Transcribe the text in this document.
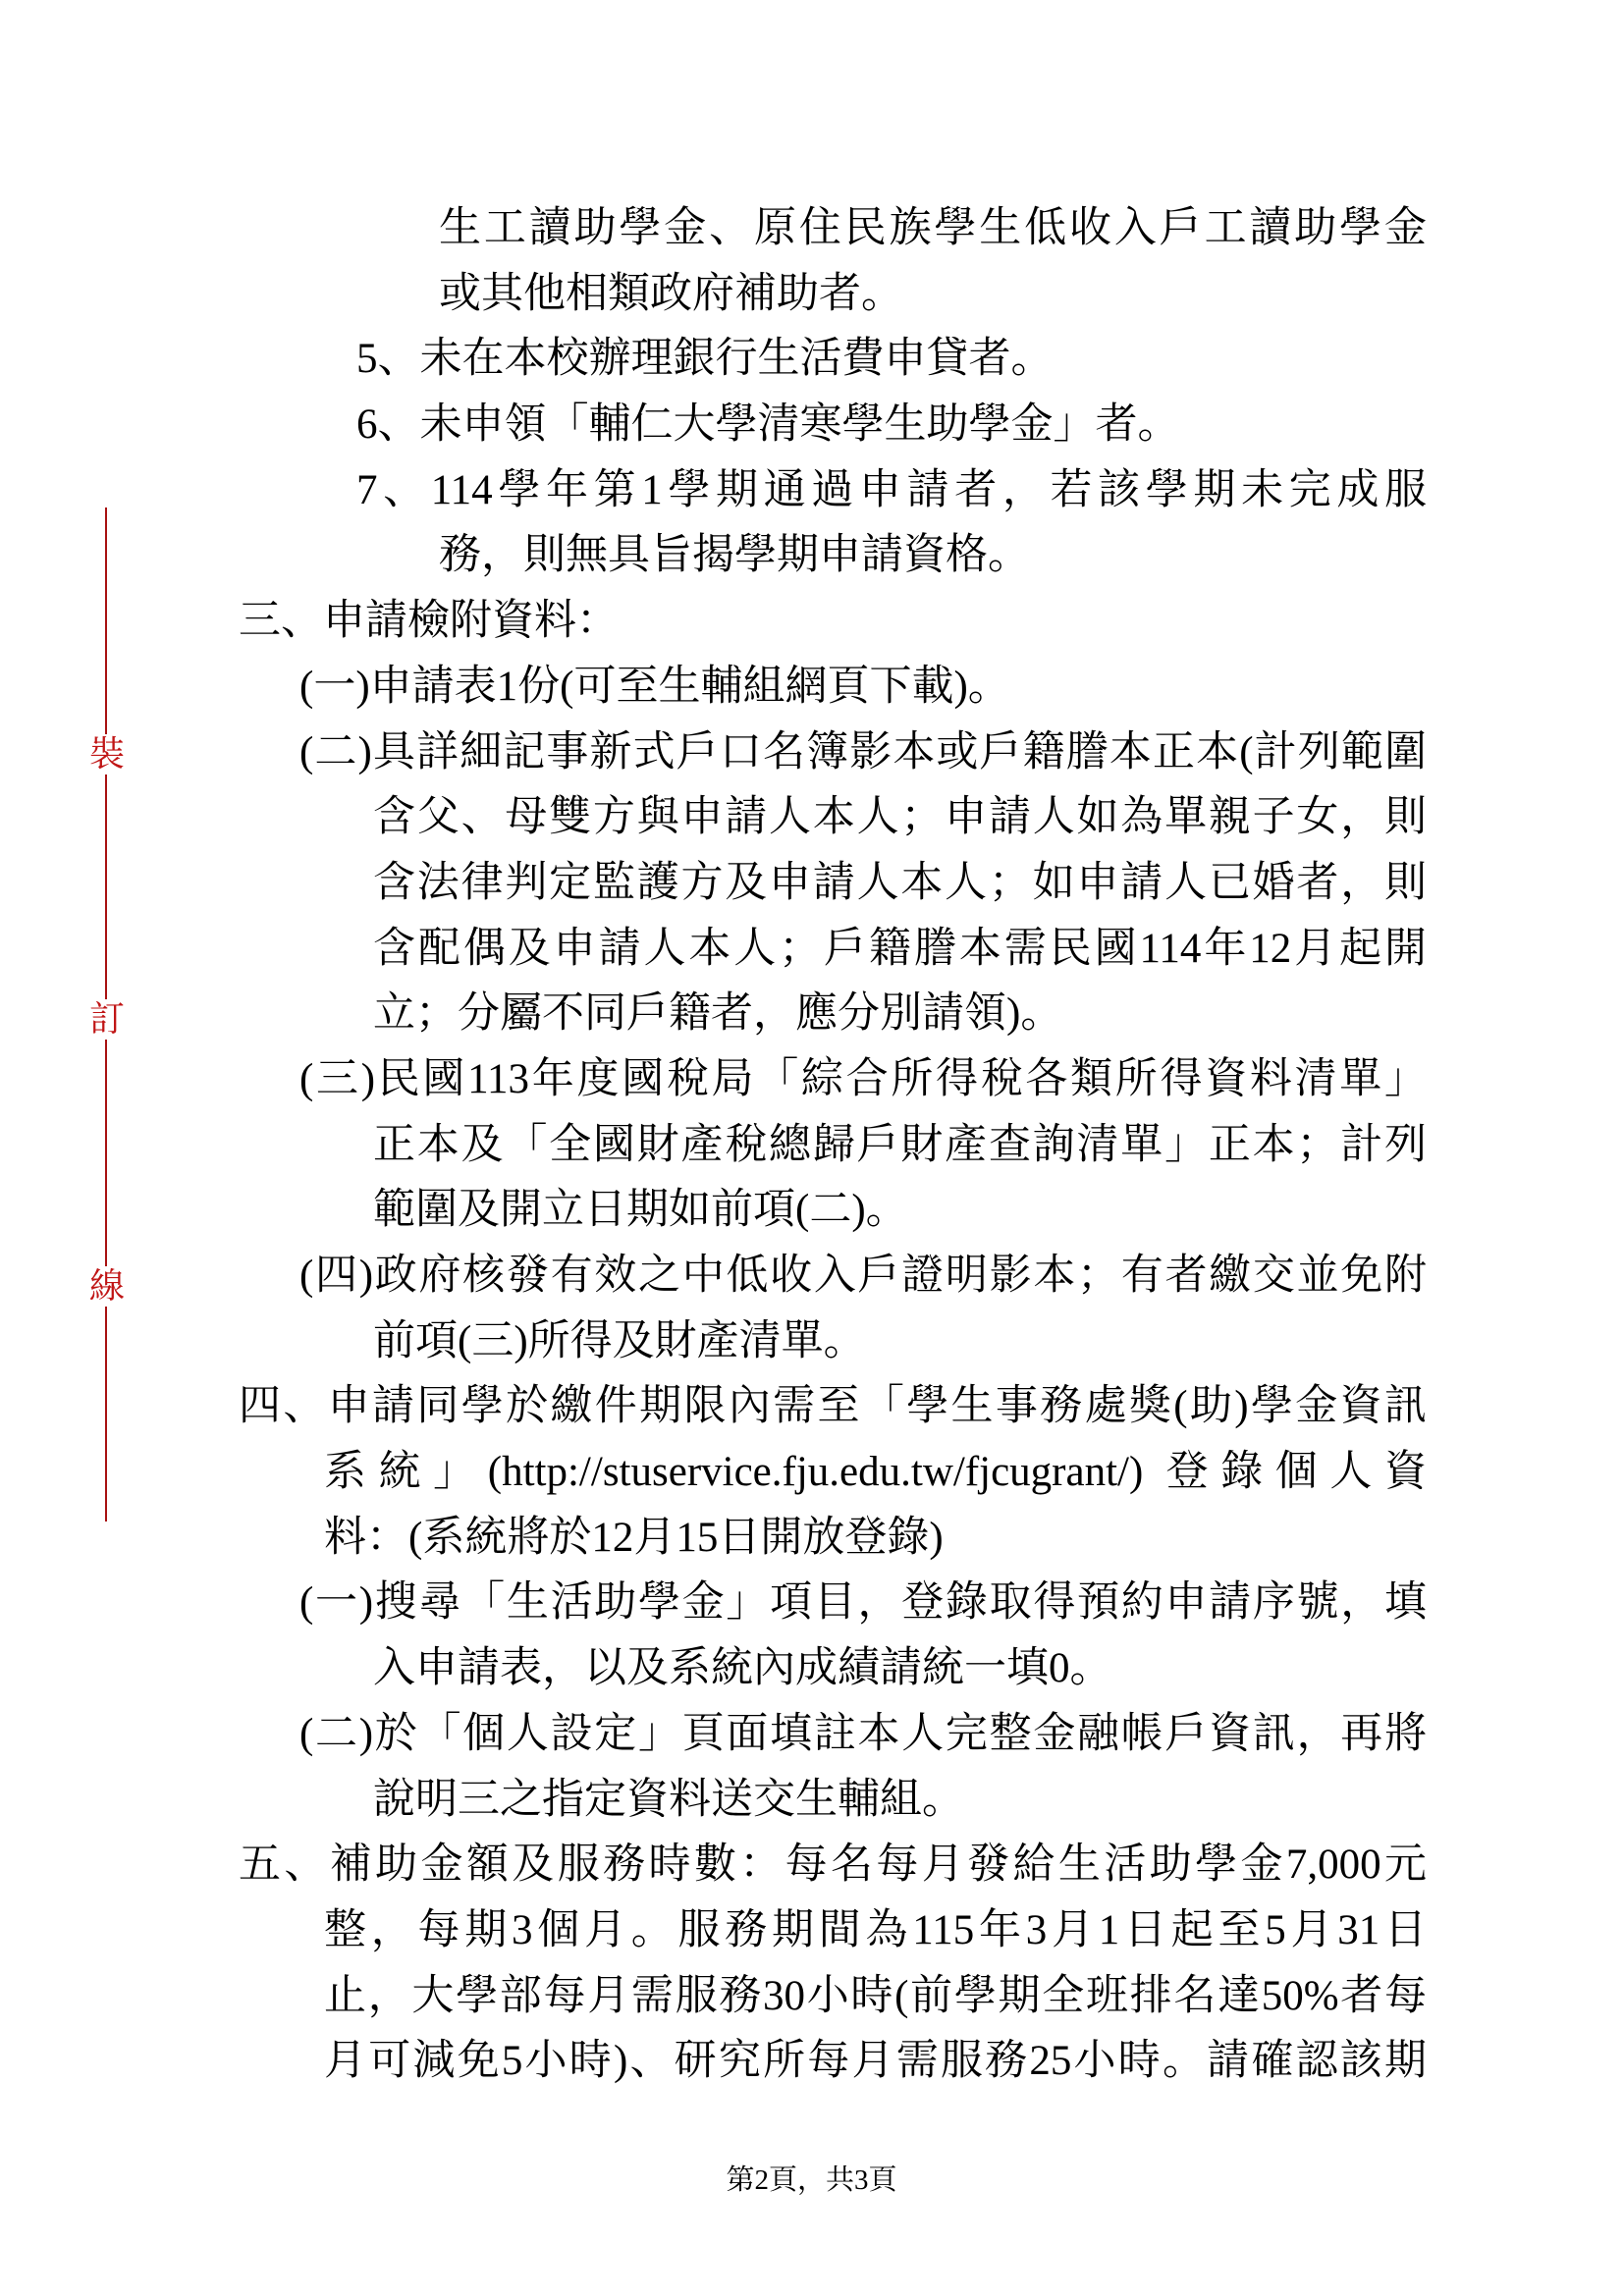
裝
訂
線
生工讀助學金、原住民族學生低收入戶工讀助學金
或其他相類政府補助者。
5、未在本校辦理銀行生活費申貸者。
6、未申領「輔仁大學清寒學生助學金」者。
7、114學年第1學期通過申請者，若該學期未完成服
務，則無具旨揭學期申請資格。
三、申請檢附資料：
(一)申請表1份(可至生輔組網頁下載)。
(二)具詳細記事新式戶口名簿影本或戶籍謄本正本(計列範圍
含父、母雙方與申請人本人；申請人如為單親子女，則
含法律判定監護方及申請人本人；如申請人已婚者，則
含配偶及申請人本人；戶籍謄本需民國114年12月起開
立；分屬不同戶籍者，應分別請領)。
(三)民國113年度國稅局「綜合所得稅各類所得資料清單」
正本及「全國財產稅總歸戶財產查詢清單」正本；計列
範圍及開立日期如前項(二)。
(四)政府核發有效之中低收入戶證明影本；有者繳交並免附
前項(三)所得及財產清單。
四、申請同學於繳件期限內需至「學生事務處獎(助)學金資訊
系統」(http://stuservice.fju.edu.tw/fjcugrant/) 登錄個人資
料：(系統將於12月15日開放登錄)
(一)搜尋「生活助學金」項目，登錄取得預約申請序號，填
入申請表，以及系統內成績請統一填0。
(二)於「個人設定」頁面填註本人完整金融帳戶資訊，再將
說明三之指定資料送交生輔組。
五、補助金額及服務時數：每名每月發給生活助學金7,000元
整，每期3個月。服務期間為115年3月1日起至5月31日
止，大學部每月需服務30小時(前學期全班排名達50%者每
月可減免5小時)、研究所每月需服務25小時。請確認該期
第2頁，共3頁
